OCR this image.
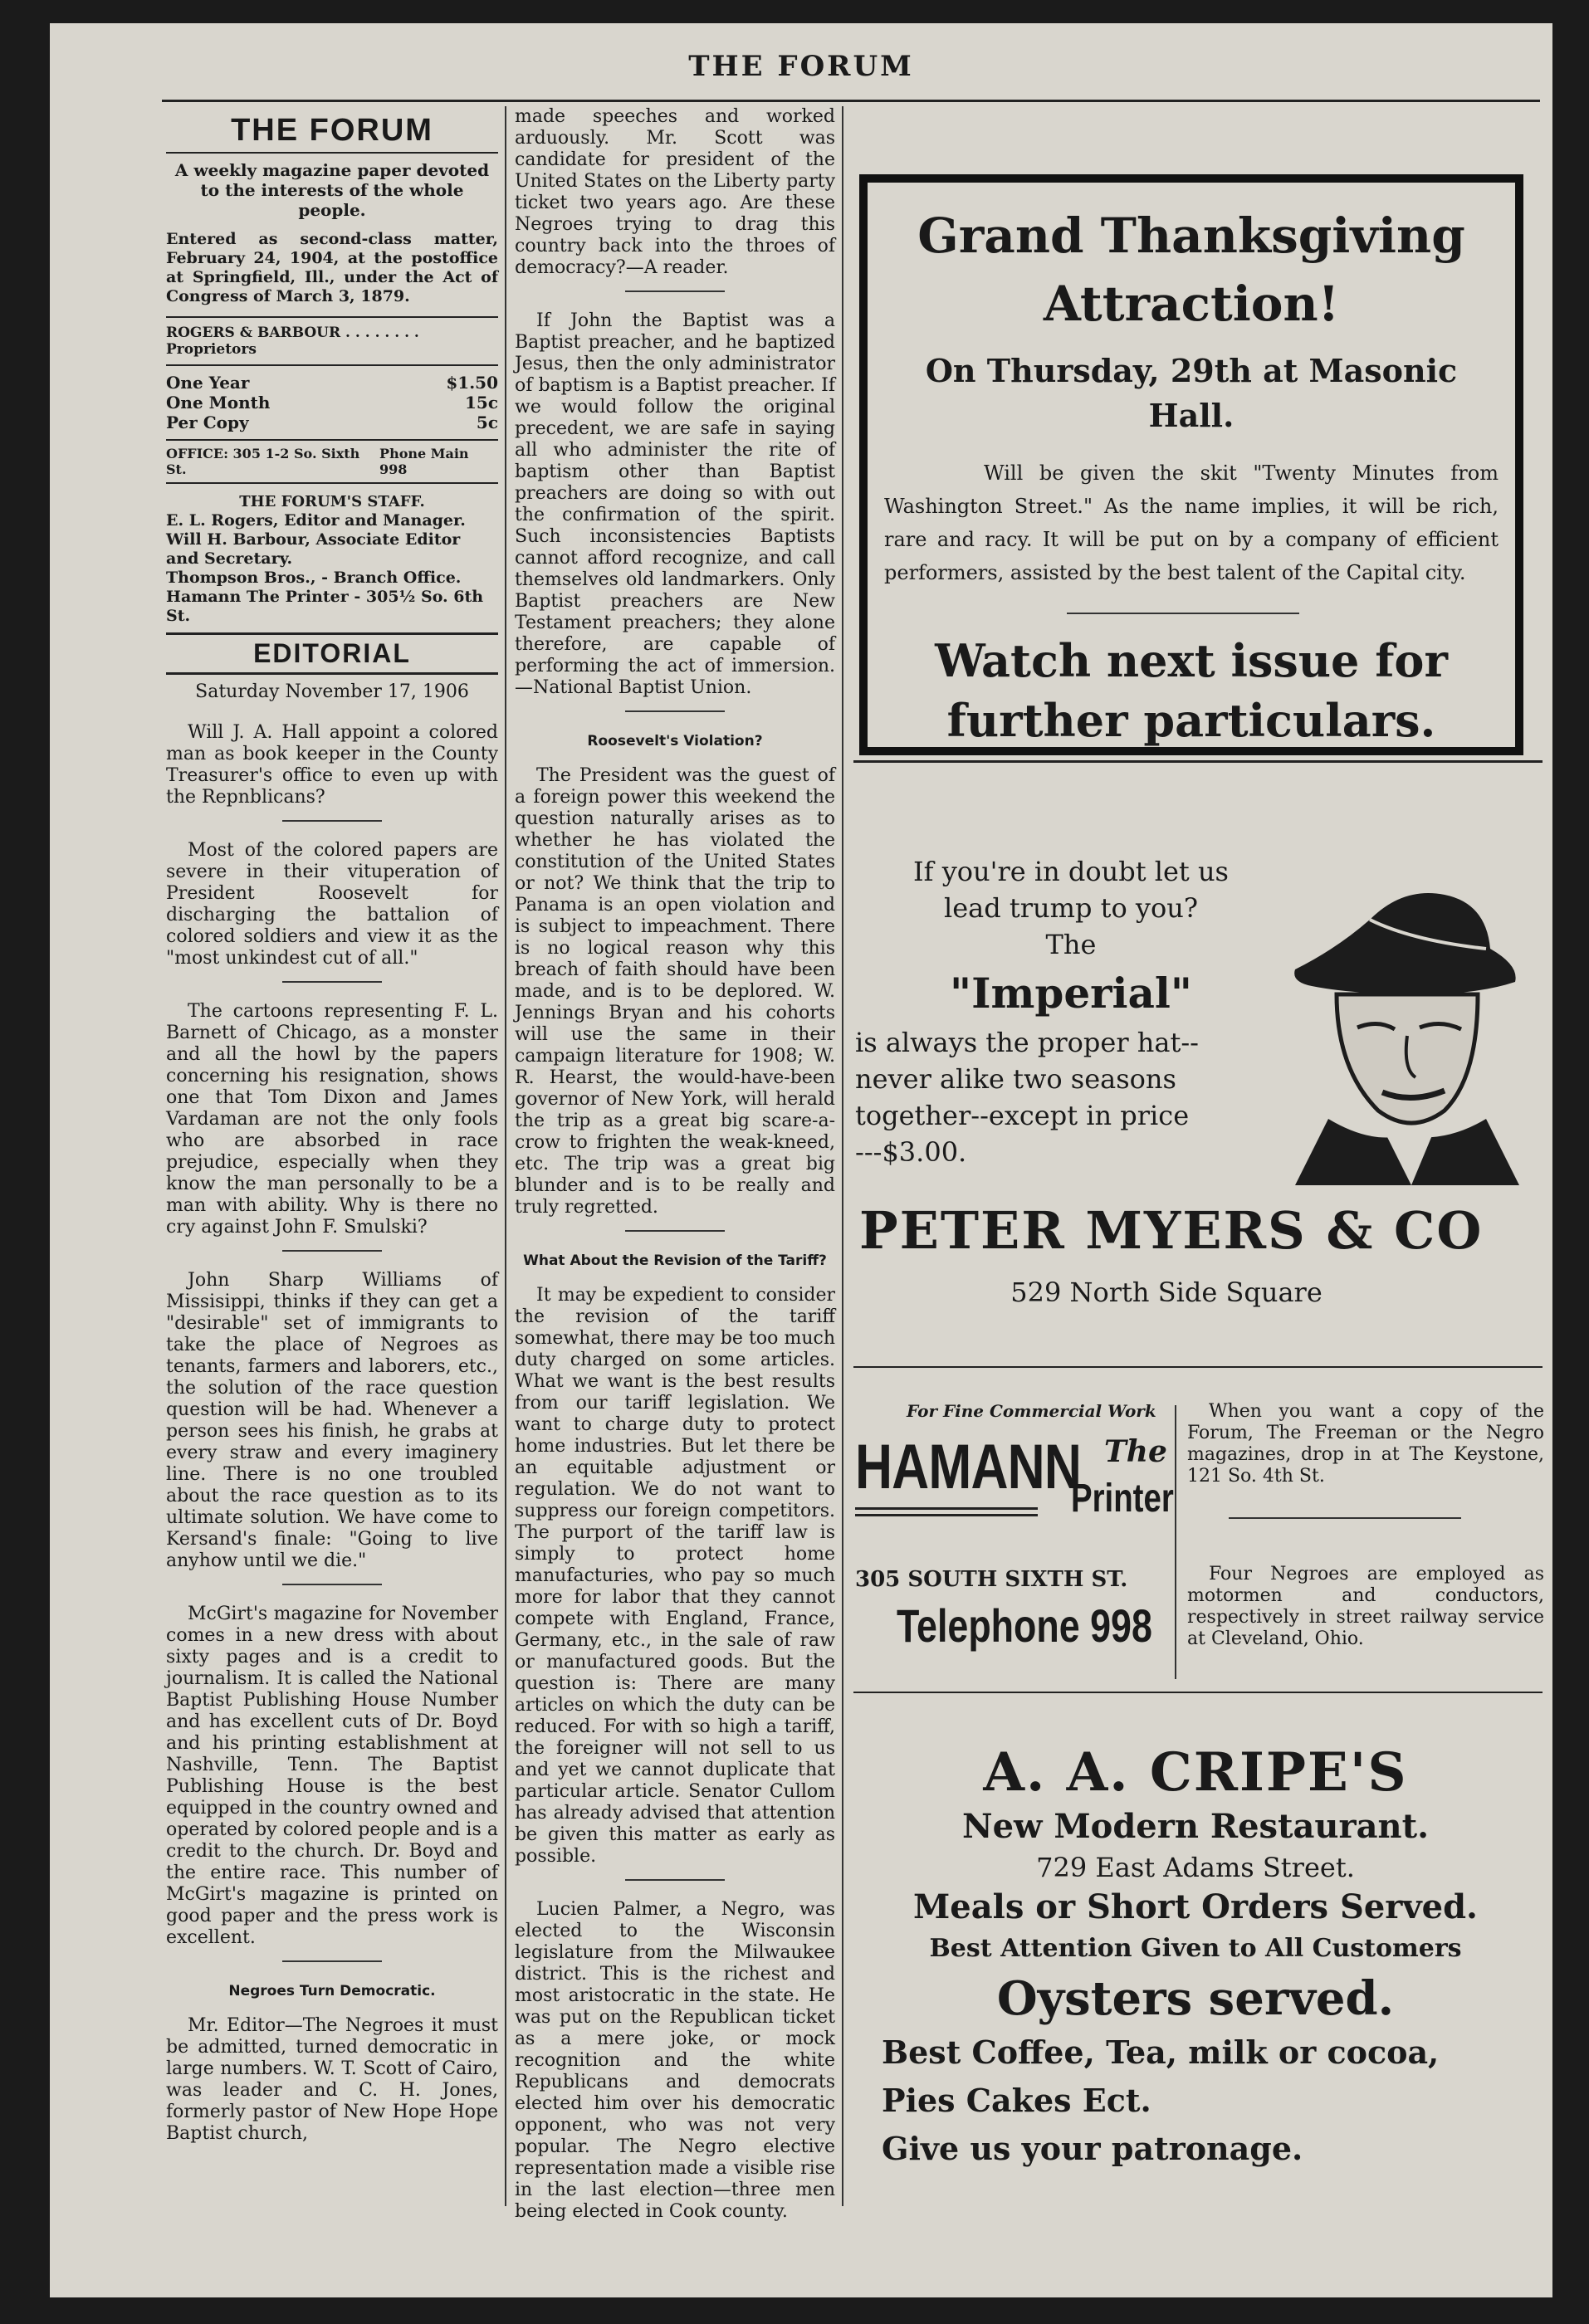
THE FORUM
THE FORUM
A weekly magazine paper devoted to the interests of the whole people.
Entered as second-class matter, February 24, 1904, at the postoffice at Springfield, Ill., under the Act of Congress of March 3, 1879.
ROGERS & BARBOUR . . . . . . . . Proprietors
One Year	$1.50
One Month	15c
Per Copy	5c
OFFICE: 305 1-2 So. Sixth St.
Phone Main 998
THE FORUM'S STAFF.
E. L. Rogers, Editor and Manager.
Will H. Barbour, Associate Editor and Secretary.
Thompson Bros., - Branch Office.
Hamann The Printer - 305½ So. 6th St.
EDITORIAL
Saturday November 17, 1906

Will J. A. Hall appoint a colored man as book keeper in the County Treasurer's office to even up with the Repnblicans?

Most of the colored papers are severe in their vituperation of President Roosevelt for discharging the battalion of colored soldiers and view it as the "most unkindest cut of all."

The cartoons representing F. L. Barnett of Chicago, as a monster and all the howl by the papers concerning his resignation, shows one that Tom Dixon and James Vardaman are not the only fools who are absorbed in race prejudice, especially when they know the man personally to be a man with ability. Why is there no cry against John F. Smulski?

John Sharp Williams of Missisippi, thinks if they can get a "desirable" set of immigrants to take the place of Negroes as tenants, farmers and laborers, etc., the solution of the race question question will be had. Whenever a person sees his finish, he grabs at every straw and every imaginery line. There is no one troubled about the race question as to its ultimate solution. We have come to Kersand's finale: "Going to live anyhow until we die."

McGirt's magazine for November comes in a new dress with about sixty pages and is a credit to journalism. It is called the National Baptist Publishing House Number and has excellent cuts of Dr. Boyd and his printing establishment at Nashville, Tenn. The Baptist Publishing House is the best equipped in the country owned and operated by colored people and is a credit to the church. Dr. Boyd and the entire race. This number of McGirt's magazine is printed on good paper and the press work is excellent.

Negroes Turn Democratic.

Mr. Editor—The Negroes it must be admitted, turned democratic in large numbers. W. T. Scott of Cairo, was leader and C. H. Jones, formerly pastor of New Hope Hope Baptist church,

made speeches and worked arduously. Mr. Scott was candidate for president of the United States on the Liberty party ticket two years ago. Are these Negroes trying to drag this country back into the throes of democracy?—A reader.

If John the Baptist was a Baptist preacher, and he baptized Jesus, then the only administrator of baptism is a Baptist preacher. If we would follow the original precedent, we are safe in saying all who administer the rite of baptism other than Baptist preachers are doing so with out the confirmation of the spirit. Such inconsistencies Baptists cannot afford recognize, and call themselves old landmarkers. Only Baptist preachers are New Testament preachers; they alone therefore, are capable of performing the act of immersion.—National Baptist Union.

Roosevelt's Violation?

The President was the guest of a foreign power this weekend the question naturally arises as to whether he has violated the constitution of the United States or not? We think that the trip to Panama is an open violation and is subject to impeachment. There is no logical reason why this breach of faith should have been made, and is to be deplored. W. Jennings Bryan and his cohorts will use the same in their campaign literature for 1908; W. R. Hearst, the would-have-been governor of New York, will herald the trip as a great big scare-a-crow to frighten the weak-kneed, etc. The trip was a great big blunder and is to be really and truly regretted.

What About the Revision of the Tariff?

It may be expedient to consider the revision of the tariff somewhat, there may be too much duty charged on some articles. What we want is the best results from our tariff legislation. We want to charge duty to protect home industries. But let there be an equitable adjustment or regulation. We do not want to suppress our foreign competitors. The purport of the tariff law is simply to protect home manufacturies, who pay so much more for labor that they cannot compete with England, France, Germany, etc., in the sale of raw or manufactured goods. But the question is: There are many articles on which the duty can be reduced. For with so high a tariff, the foreigner will not sell to us and yet we cannot duplicate that particular article. Senator Cullom has already advised that attention be given this matter as early as possible.

Lucien Palmer, a Negro, was elected to the Wisconsin legislature from the Milwaukee district. This is the richest and most aristocratic in the state. He was put on the Republican ticket as a mere joke, or mock recognition and the white Republicans and democrats elected him over his democratic opponent, who was not very popular. The Negro elective representation made a visible rise in the last election—three men being elected in Cook county.

Grand Thanksgiving
Attraction!
On Thursday, 29th at Masonic Hall.
Will be given the skit "Twenty Minutes from Washington Street." As the name implies, it will be rich, rare and racy. It will be put on by a company of efficient performers, assisted by the best talent of the Capital city.
Watch next issue for further particulars.
If you're in doubt let us
lead trump to you?
The
"Imperial"
is always the proper hat--
never alike two seasons
together--except in price
---$3.00.
PETER MYERS & CO
529 North Side Square
For Fine Commercial Work
HAMANN The
Printer
305 SOUTH SIXTH ST.
Telephone 998
When you want a copy of the Forum, The Freeman or the Negro magazines, drop in at The Keystone, 121 So. 4th St.
Four Negroes are employed as motormen and conductors, respectively in street railway service at Cleveland, Ohio.
A. A. CRIPE'S
New Modern Restaurant.
729 East Adams Street.
Meals or Short Orders Served.
Best Attention Given to All Customers
Oysters served.
Best Coffee, Tea, milk or cocoa,
Pies Cakes Ect.
Give us your patronage.
